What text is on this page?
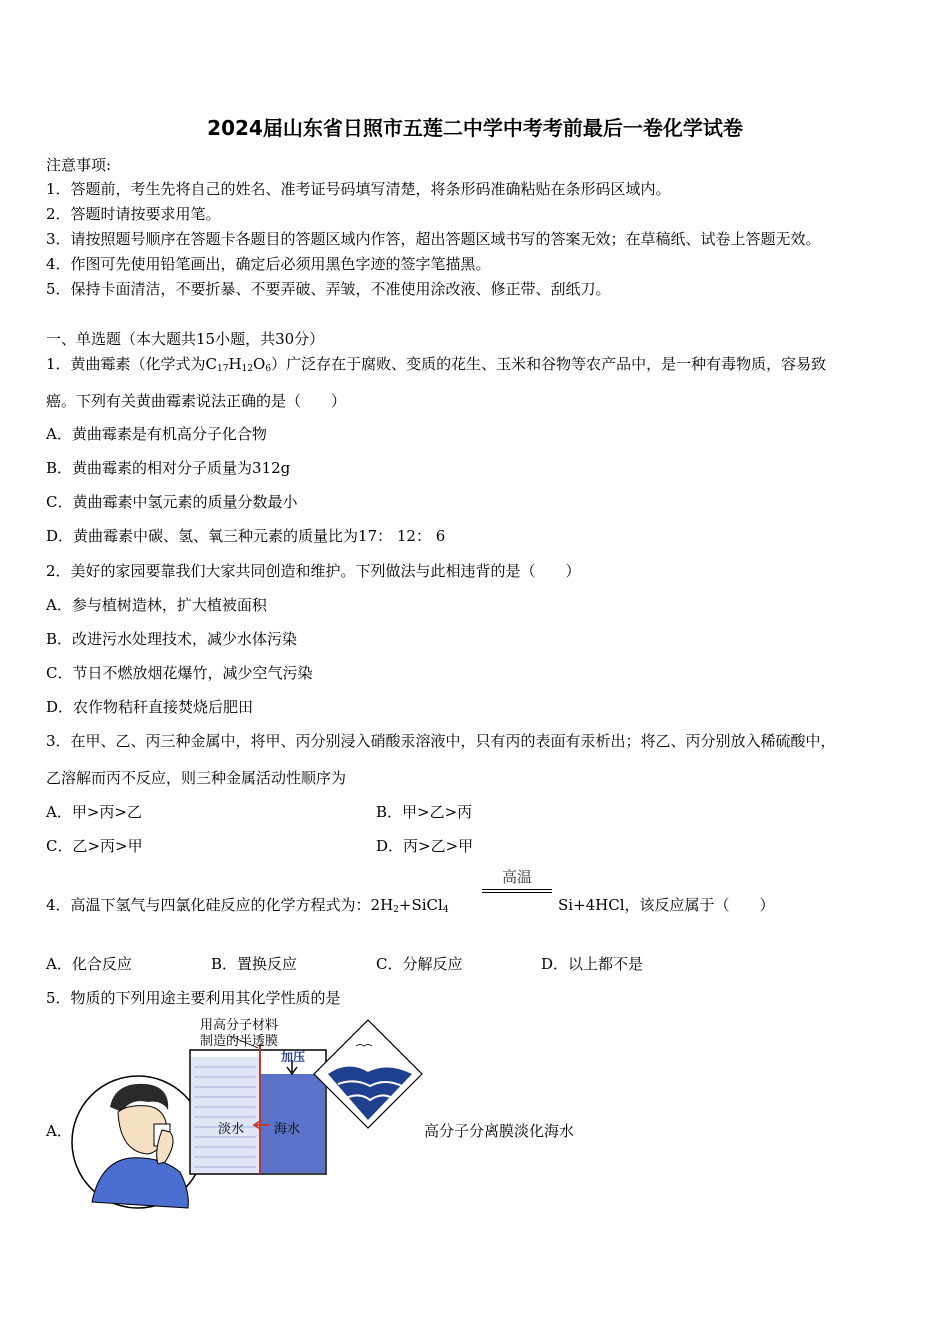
2024届山东省日照市五莲二中学中考考前最后一卷化学试卷
注意事项:
1．答题前，考生先将自己的姓名、准考证号码填写清楚，将条形码准确粘贴在条形码区域内。
2．答题时请按要求用笔。
3．请按照题号顺序在答题卡各题目的答题区域内作答，超出答题区域书写的答案无效；在草稿纸、试卷上答题无效。
4．作图可先使用铅笔画出，确定后必须用黑色字迹的签字笔描黑。
5．保持卡面清洁，不要折暴、不要弄破、弄皱，不准使用涂改液、修正带、刮纸刀。
一、单选题（本大题共15小题，共30分）
1．黄曲霉素（化学式为$C_{17}H_{12}O_6$）广泛存在于腐败、变质的花生、玉米和谷物等农产品中，是一种有毒物质，容易致
癌。下列有关黄曲霉素说法正确的是（　　）
A．黄曲霉素是有机高分子化合物
B．黄曲霉素的相对分子质量为312g
C．黄曲霉素中氢元素的质量分数最小
D．黄曲霉素中碳、氢、氧三种元素的质量比为17： 12： 6
2．美好的家园要靠我们大家共同创造和维护。下列做法与此相违背的是（　　）
A．参与植树造林，扩大植被面积
B．改进污水处理技术，减少水体污染
C．节日不燃放烟花爆竹，减少空气污染
D．农作物秸秆直接焚烧后肥田
3．在甲、乙、丙三种金属中，将甲、丙分别浸入硝酸汞溶液中，只有丙的表面有汞析出；将乙、丙分别放入稀硫酸中，
乙溶解而丙不反应，则三种金属活动性顺序为
A．甲>丙>乙	B．甲>乙>丙
C．乙>丙>甲	D．丙>乙>甲
4．高温下氢气与四氯化硅反应的化学方程式为：$2H_2+SiCl_4$
高温
Si+4HCl，该反应属于（　　）
A．化合反应	B．置换反应	C．分解反应	D．以上都不是
5．物质的下列用途主要利用其化学性质的是
A．	高分子分离膜淡化海水
用高分子材料
制造的半透膜
加压
淡水 海水
